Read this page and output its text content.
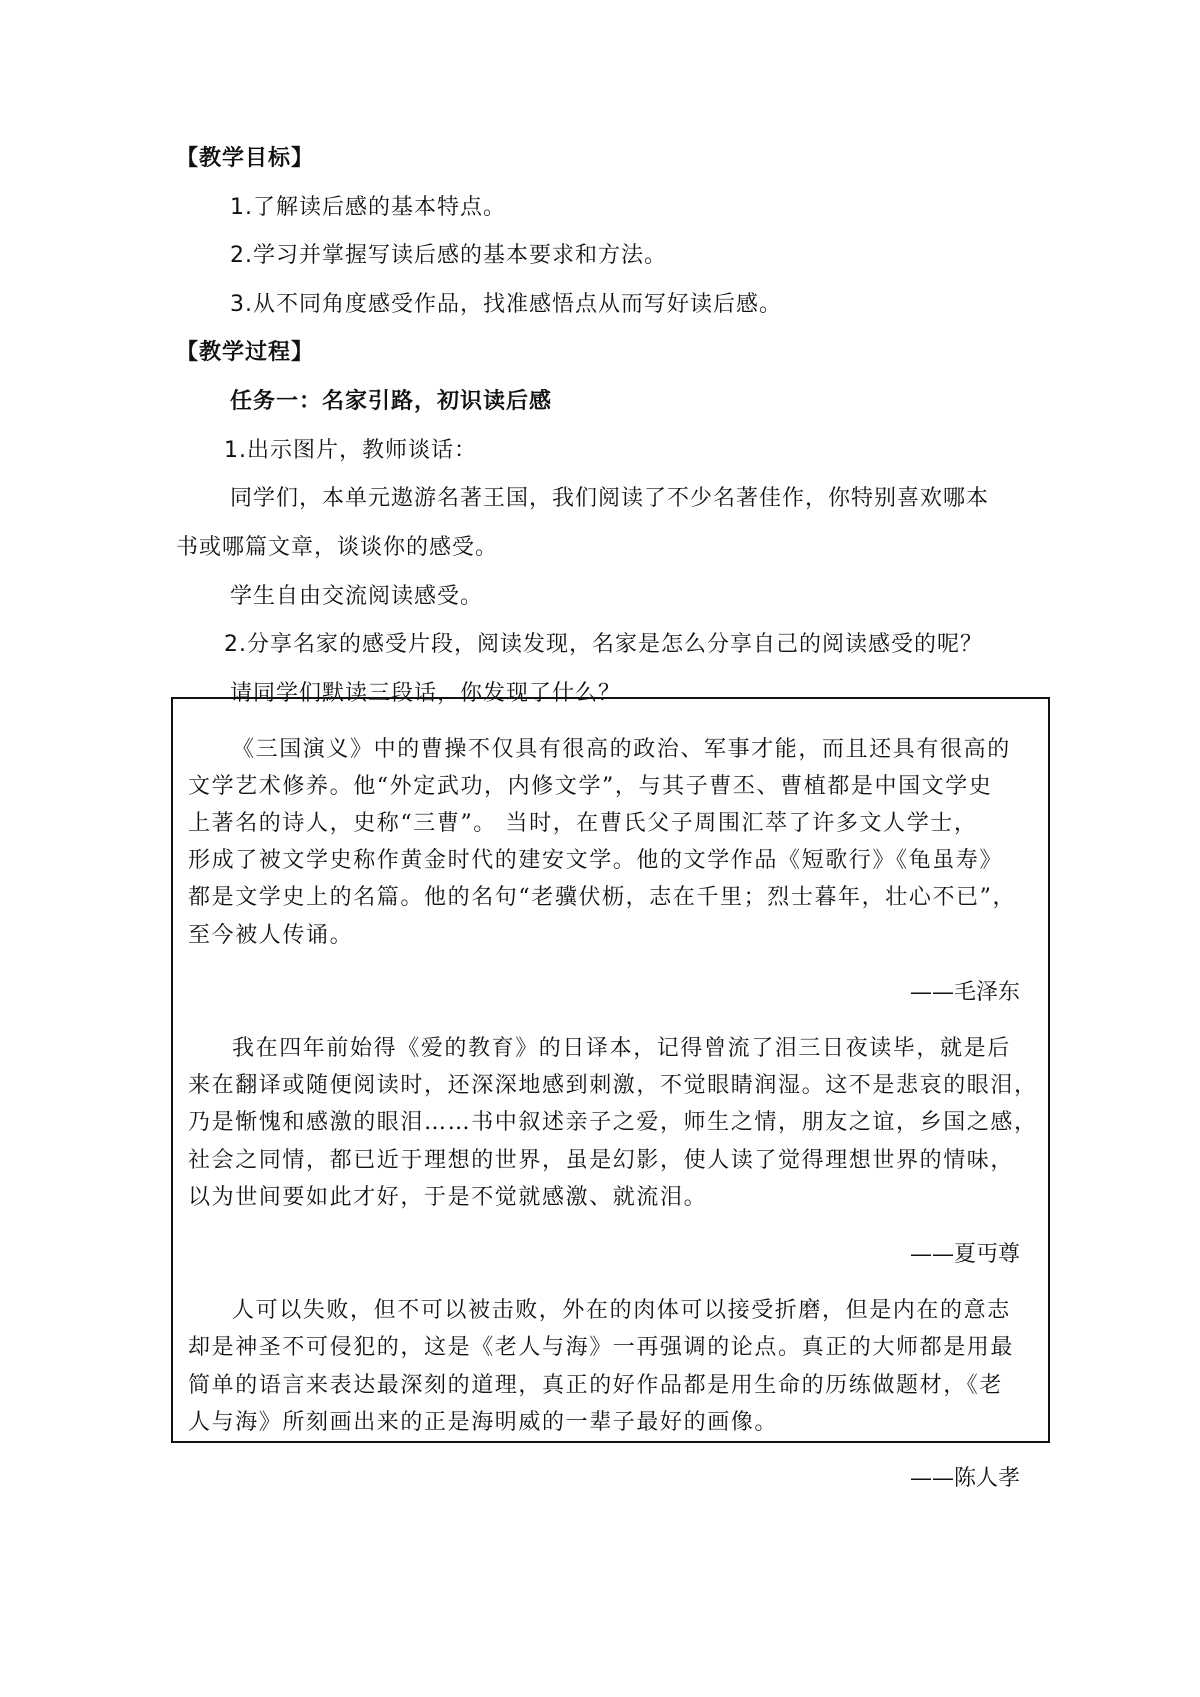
【教学目标】
1.了解读后感的基本特点。
2.学习并掌握写读后感的基本要求和方法。
3.从不同角度感受作品，找准感悟点从而写好读后感。
【教学过程】
任务一：名家引路，初识读后感
1.出示图片，教师谈话：
同学们，本单元遨游名著王国，我们阅读了不少名著佳作，你特别喜欢哪本
书或哪篇文章，谈谈你的感受。
学生自由交流阅读感受。
2.分享名家的感受片段，阅读发现，名家是怎么分享自己的阅读感受的呢？
请同学们默读三段话，你发现了什么？
《三国演义》中的曹操不仅具有很高的政治、军事才能，而且还具有很高的
文学艺术修养。他“外定武功，内修文学”，与其子曹丕、曹植都是中国文学史
上著名的诗人，史称“三曹”。 当时，在曹氏父子周围汇萃了许多文人学士，
形成了被文学史称作黄金时代的建安文学。他的文学作品《短歌行》《龟虽寿》
都是文学史上的名篇。他的名句“老骥伏枥，志在千里；烈士暮年，壮心不已”，
至今被人传诵。
——毛泽东
我在四年前始得《爱的教育》的日译本，记得曾流了泪三日夜读毕，就是后
来在翻译或随便阅读时，还深深地感到刺激，不觉眼睛润湿。这不是悲哀的眼泪，
乃是惭愧和感激的眼泪……书中叙述亲子之爱，师生之情，朋友之谊，乡国之感，
社会之同情，都已近于理想的世界，虽是幻影，使人读了觉得理想世界的情味，
以为世间要如此才好，于是不觉就感激、就流泪。
——夏丏尊
人可以失败，但不可以被击败，外在的肉体可以接受折磨，但是内在的意志
却是神圣不可侵犯的，这是《老人与海》一再强调的论点。真正的大师都是用最
简单的语言来表达最深刻的道理，真正的好作品都是用生命的历练做题材，《老
人与海》所刻画出来的正是海明威的一辈子最好的画像。
——陈人孝
